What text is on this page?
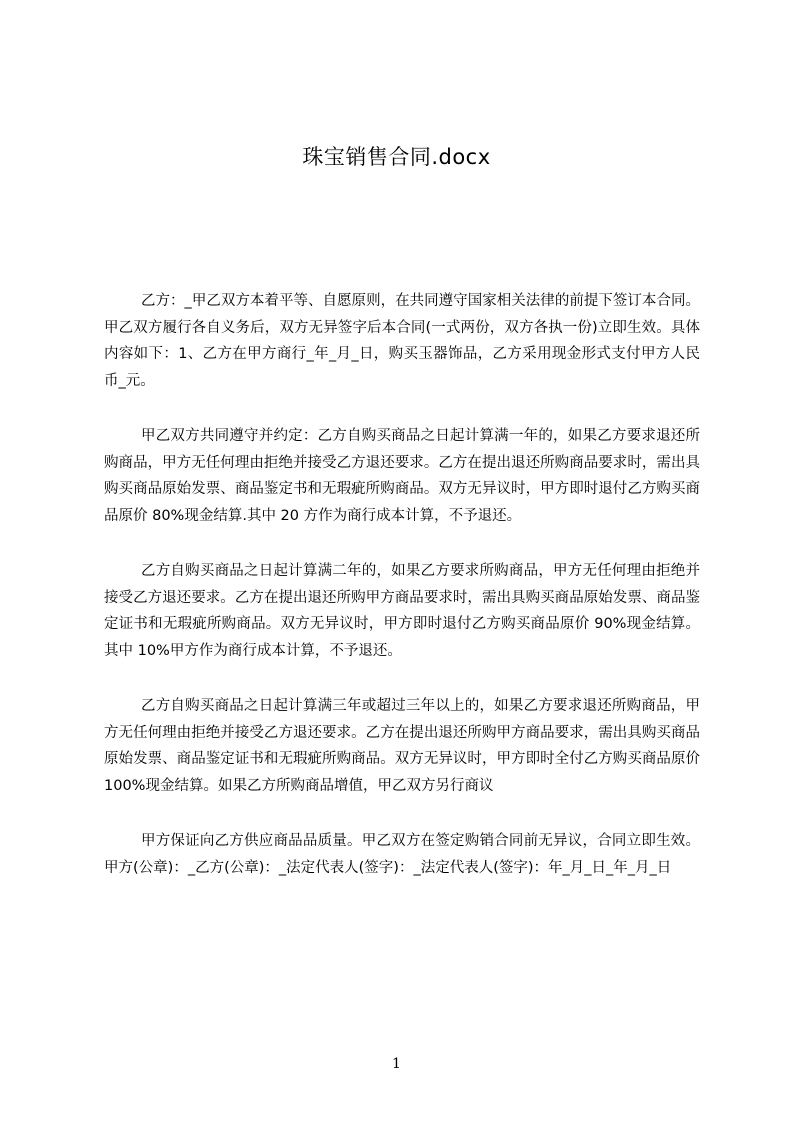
珠宝销售合同.docx

乙方：_甲乙双方本着平等、自愿原则，在共同遵守国家相关法律的前提下签订本合同。甲乙双方履行各自义务后，双方无异签字后本合同(一式两份，双方各执一份)立即生效。具体内容如下：1、乙方在甲方商行_年_月_日，购买玉器饰品，乙方采用现金形式支付甲方人民币_元。

甲乙双方共同遵守并约定：乙方自购买商品之日起计算满一年的，如果乙方要求退还所购商品，甲方无任何理由拒绝并接受乙方退还要求。乙方在提出退还所购商品要求时，需出具购买商品原始发票、商品鉴定书和无瑕疵所购商品。双方无异议时，甲方即时退付乙方购买商品原价 80%现金结算.其中 20 方作为商行成本计算，不予退还。

乙方自购买商品之日起计算满二年的，如果乙方要求所购商品，甲方无任何理由拒绝并接受乙方退还要求。乙方在提出退还所购甲方商品要求时，需出具购买商品原始发票、商品鉴定证书和无瑕疵所购商品。双方无异议时，甲方即时退付乙方购买商品原价 90%现金结算。其中 10%甲方作为商行成本计算，不予退还。

乙方自购买商品之日起计算满三年或超过三年以上的，如果乙方要求退还所购商品，甲方无任何理由拒绝并接受乙方退还要求。乙方在提出退还所购甲方商品要求，需出具购买商品原始发票、商品鉴定证书和无瑕疵所购商品。双方无异议时，甲方即时全付乙方购买商品原价 100%现金结算。如果乙方所购商品增值，甲乙双方另行商议

甲方保证向乙方供应商品品质量。甲乙双方在签定购销合同前无异议，合同立即生效。甲方(公章)：_乙方(公章)：_法定代表人(签字)：_法定代表人(签字)：年_月_日_年_月_日

1
